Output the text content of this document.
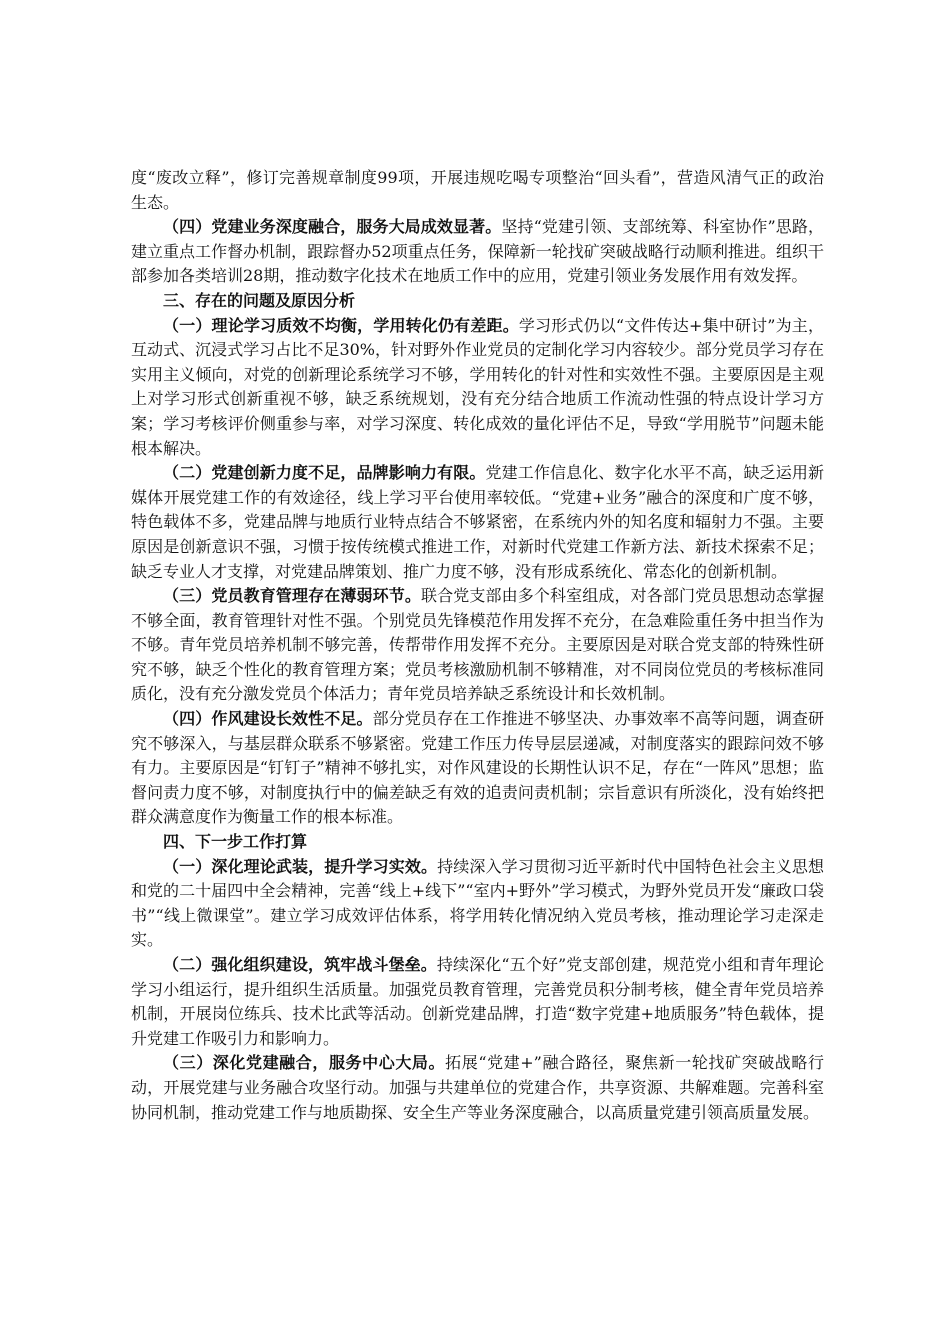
度“废改立释”，修订完善规章制度99项，开展违规吃喝专项整治“回头看”，营造风清气正的政治生态。

（四）党建业务深度融合，服务大局成效显著。坚持“党建引领、支部统筹、科室协作”思路，建立重点工作督办机制，跟踪督办52项重点任务，保障新一轮找矿突破战略行动顺利推进。组织干部参加各类培训28期，推动数字化技术在地质工作中的应用，党建引领业务发展作用有效发挥。

三、存在的问题及原因分析

（一）理论学习质效不均衡，学用转化仍有差距。学习形式仍以“文件传达+集中研讨”为主，互动式、沉浸式学习占比不足30%，针对野外作业党员的定制化学习内容较少。部分党员学习存在实用主义倾向，对党的创新理论系统学习不够，学用转化的针对性和实效性不强。主要原因是主观上对学习形式创新重视不够，缺乏系统规划，没有充分结合地质工作流动性强的特点设计学习方案；学习考核评价侧重参与率，对学习深度、转化成效的量化评估不足，导致“学用脱节”问题未能根本解决。

（二）党建创新力度不足，品牌影响力有限。党建工作信息化、数字化水平不高，缺乏运用新媒体开展党建工作的有效途径，线上学习平台使用率较低。“党建+业务”融合的深度和广度不够，特色载体不多，党建品牌与地质行业特点结合不够紧密，在系统内外的知名度和辐射力不强。主要原因是创新意识不强，习惯于按传统模式推进工作，对新时代党建工作新方法、新技术探索不足；缺乏专业人才支撑，对党建品牌策划、推广力度不够，没有形成系统化、常态化的创新机制。

（三）党员教育管理存在薄弱环节。联合党支部由多个科室组成，对各部门党员思想动态掌握不够全面，教育管理针对性不强。个别党员先锋模范作用发挥不充分，在急难险重任务中担当作为不够。青年党员培养机制不够完善，传帮带作用发挥不充分。主要原因是对联合党支部的特殊性研究不够，缺乏个性化的教育管理方案；党员考核激励机制不够精准，对不同岗位党员的考核标准同质化，没有充分激发党员个体活力；青年党员培养缺乏系统设计和长效机制。

（四）作风建设长效性不足。部分党员存在工作推进不够坚决、办事效率不高等问题，调查研究不够深入，与基层群众联系不够紧密。党建工作压力传导层层递减，对制度落实的跟踪问效不够有力。主要原因是“钉钉子”精神不够扎实，对作风建设的长期性认识不足，存在“一阵风”思想；监督问责力度不够，对制度执行中的偏差缺乏有效的追责问责机制；宗旨意识有所淡化，没有始终把群众满意度作为衡量工作的根本标准。

四、下一步工作打算

（一）深化理论武装，提升学习实效。持续深入学习贯彻习近平新时代中国特色社会主义思想和党的二十届四中全会精神，完善“线上+线下”“室内+野外”学习模式，为野外党员开发“廉政口袋书”“线上微课堂”。建立学习成效评估体系，将学用转化情况纳入党员考核，推动理论学习走深走实。

（二）强化组织建设，筑牢战斗堡垒。持续深化“五个好”党支部创建，规范党小组和青年理论学习小组运行，提升组织生活质量。加强党员教育管理，完善党员积分制考核，健全青年党员培养机制，开展岗位练兵、技术比武等活动。创新党建品牌，打造“数字党建+地质服务”特色载体，提升党建工作吸引力和影响力。

（三）深化党建融合，服务中心大局。拓展“党建+”融合路径，聚焦新一轮找矿突破战略行动，开展党建与业务融合攻坚行动。加强与共建单位的党建合作，共享资源、共解难题。完善科室协同机制，推动党建工作与地质勘探、安全生产等业务深度融合，以高质量党建引领高质量发展。
